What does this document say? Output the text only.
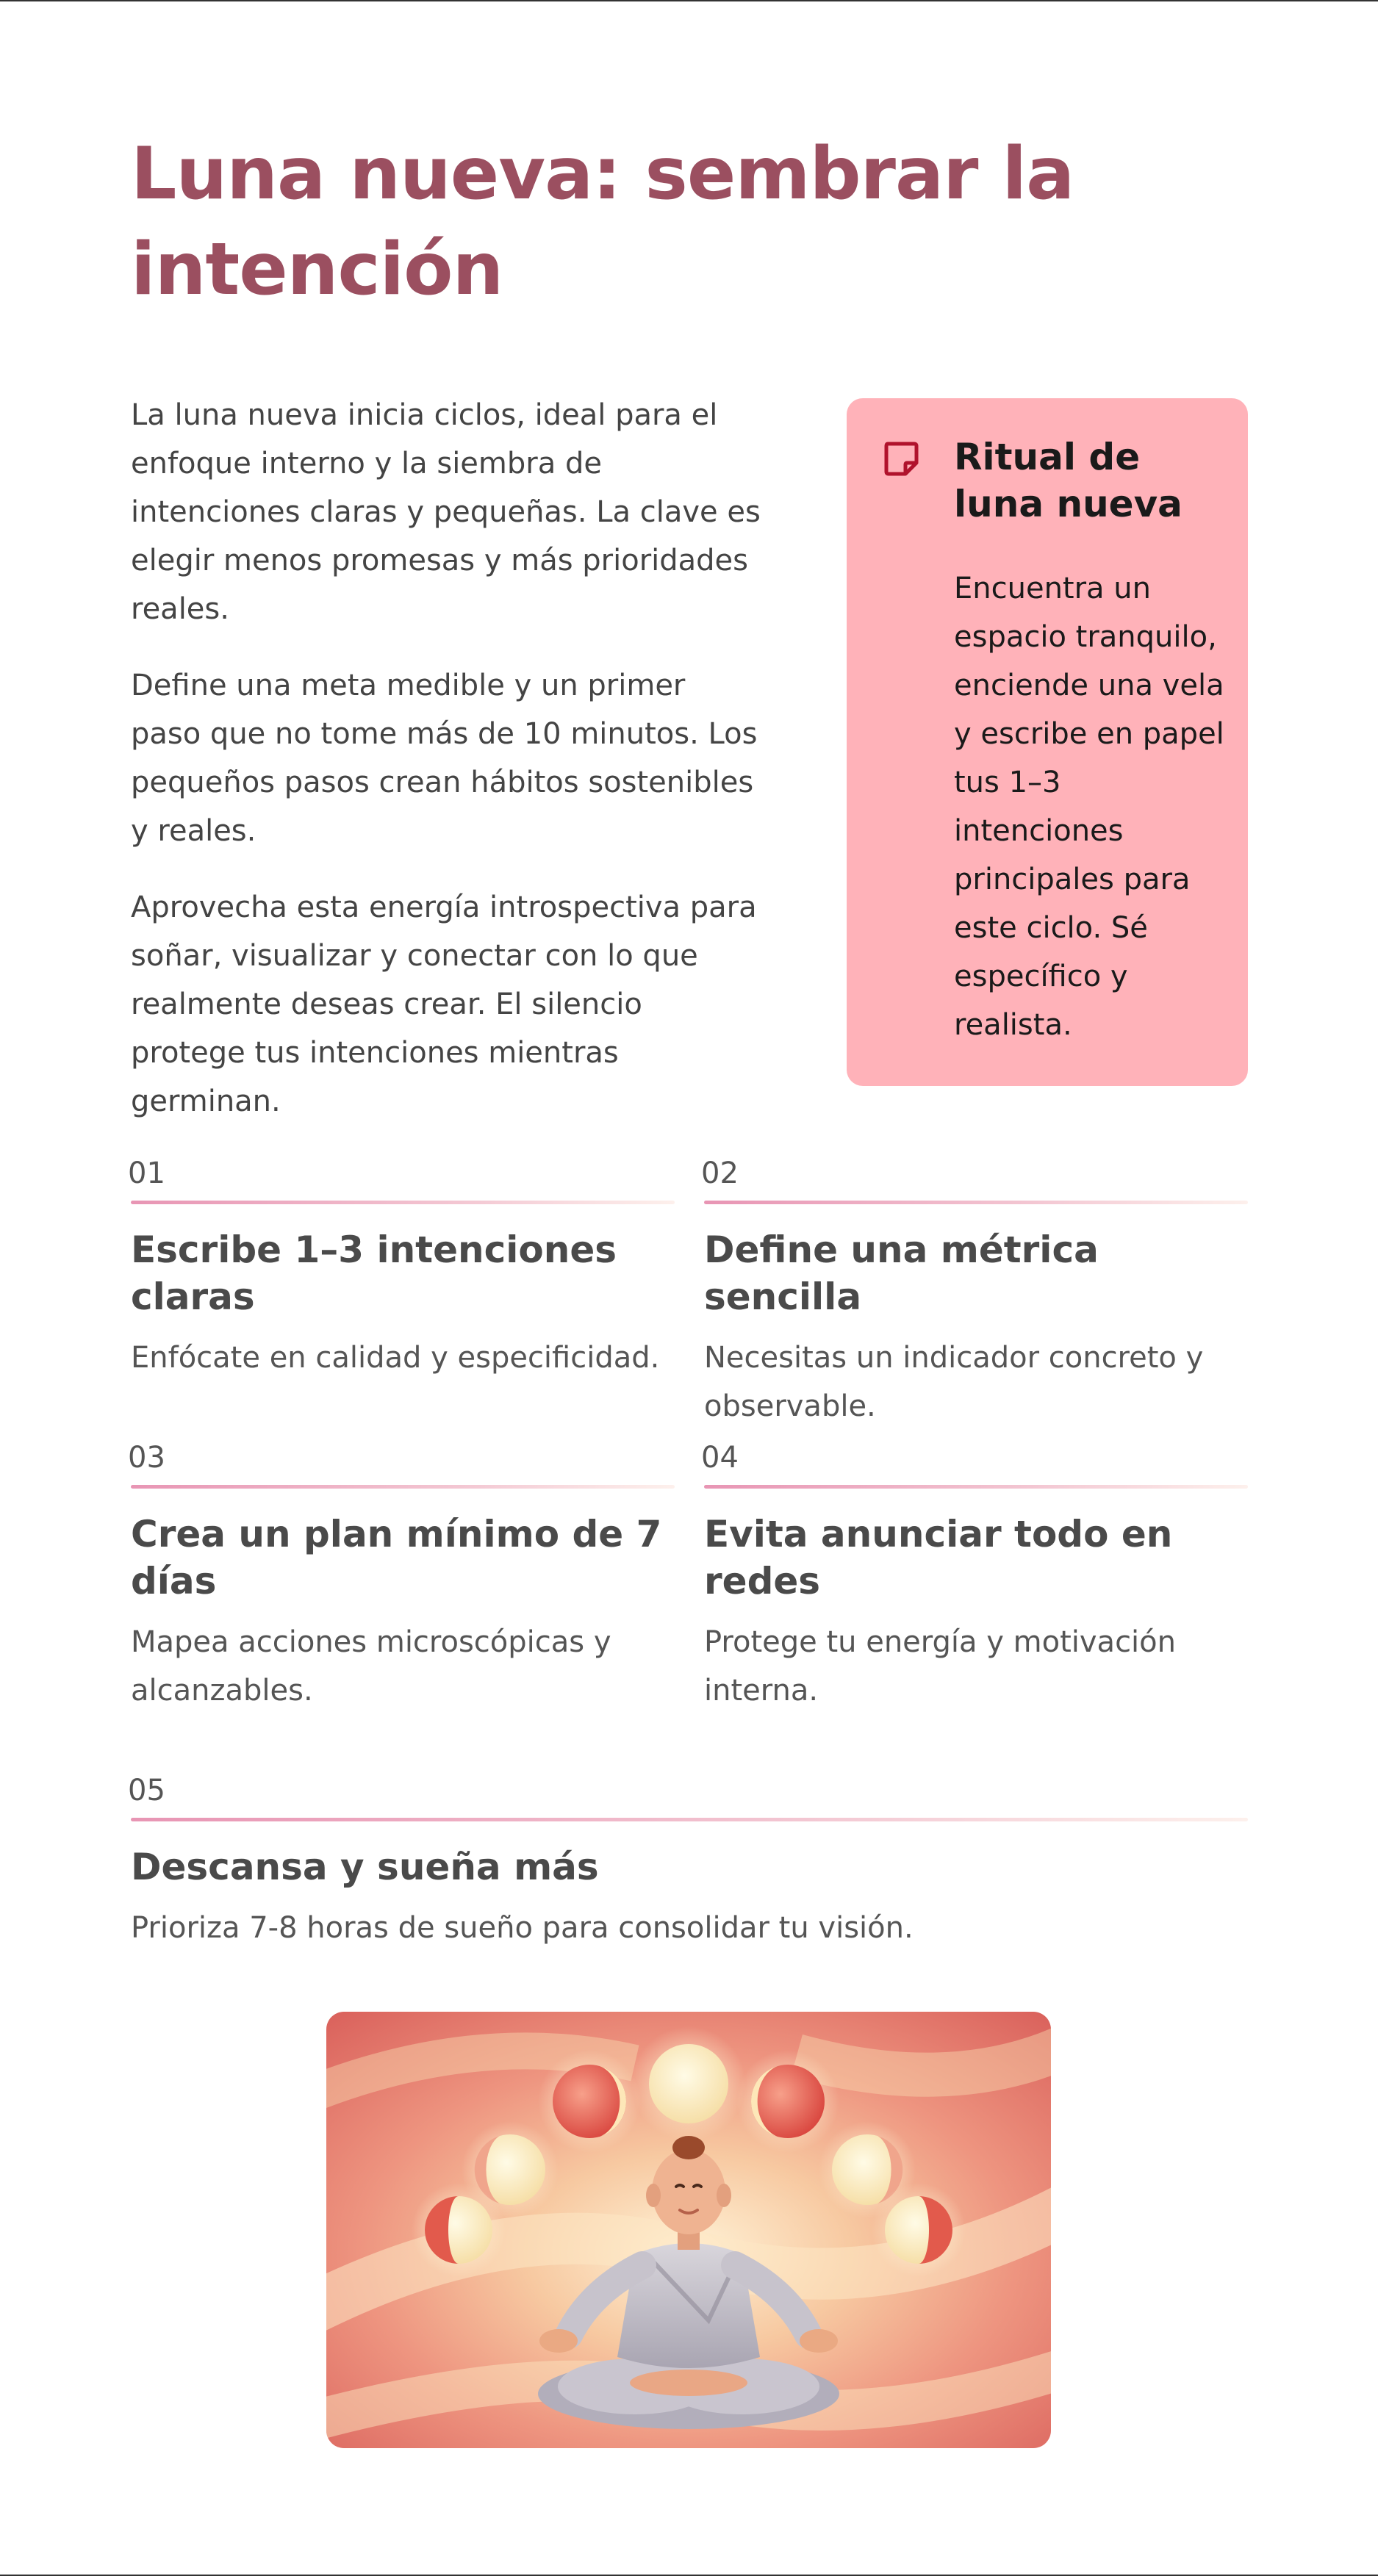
Luna nueva: sembrar la intención

La luna nueva inicia ciclos, ideal para el enfoque interno y la siembra de intenciones claras y pequeñas. La clave es elegir menos promesas y más prioridades reales.

Define una meta medible y un primer paso que no tome más de 10 minutos. Los pequeños pasos crean hábitos sostenibles y reales.

Aprovecha esta energía introspectiva para soñar, visualizar y conectar con lo que realmente deseas crear. El silencio protege tus intenciones mientras germinan.

Ritual de luna nueva

Encuentra un espacio tranquilo, enciende una vela y escribe en papel tus 1–3 intenciones principales para este ciclo. Sé específico y realista.

01
Escribe 1–3 intenciones claras

Enfócate en calidad y especificidad.

02
Define una métrica sencilla

Necesitas un indicador concreto y observable.

03
Crea un plan mínimo de 7 días

Mapea acciones microscópicas y alcanzables.

04
Evita anunciar todo en redes

Protege tu energía y motivación interna.

05
Descansa y sueña más

Prioriza 7-8 horas de sueño para consolidar tu visión.
